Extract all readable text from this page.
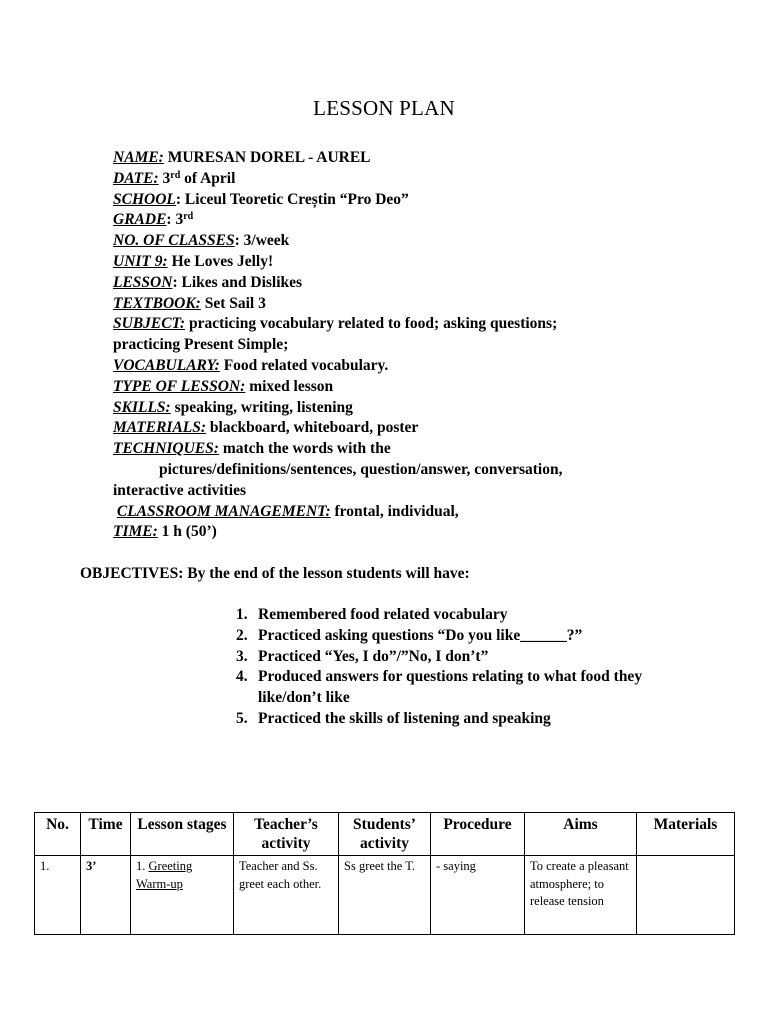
LESSON PLAN
NAME: MURESAN DOREL - AUREL
DATE: 3rd of April
SCHOOL: Liceul Teoretic Creștin “Pro Deo”
GRADE: 3rd
NO. OF CLASSES: 3/week
UNIT 9: He Loves Jelly!
LESSON: Likes and Dislikes
TEXTBOOK: Set Sail 3
SUBJECT: practicing vocabulary related to food; asking questions;
practicing Present Simple;
VOCABULARY: Food related vocabulary.
TYPE OF LESSON: mixed lesson
SKILLS: speaking, writing, listening
MATERIALS: blackboard, whiteboard, poster
TECHNIQUES: match the words with the
pictures/definitions/sentences, question/answer, conversation,
interactive activities
CLASSROOM MANAGEMENT: frontal, individual,
TIME: 1 h (50’)
OBJECTIVES: By the end of the lesson students will have:
1. Remembered food related vocabulary
2. Practiced asking questions “Do you like______?”
3. Practiced “Yes, I do”/”No, I don’t”
4. Produced answers for questions relating to what food they like/don’t like
5. Practiced the skills of listening and speaking
No.	Time	Lesson stages	Teacher’s activity	Students’ activity	Procedure	Aims	Materials
1.	3’	1. Greeting Warm-up	Teacher and Ss. greet each other.	Ss greet the T.	- saying	To create a pleasant atmosphere; to release tension	
